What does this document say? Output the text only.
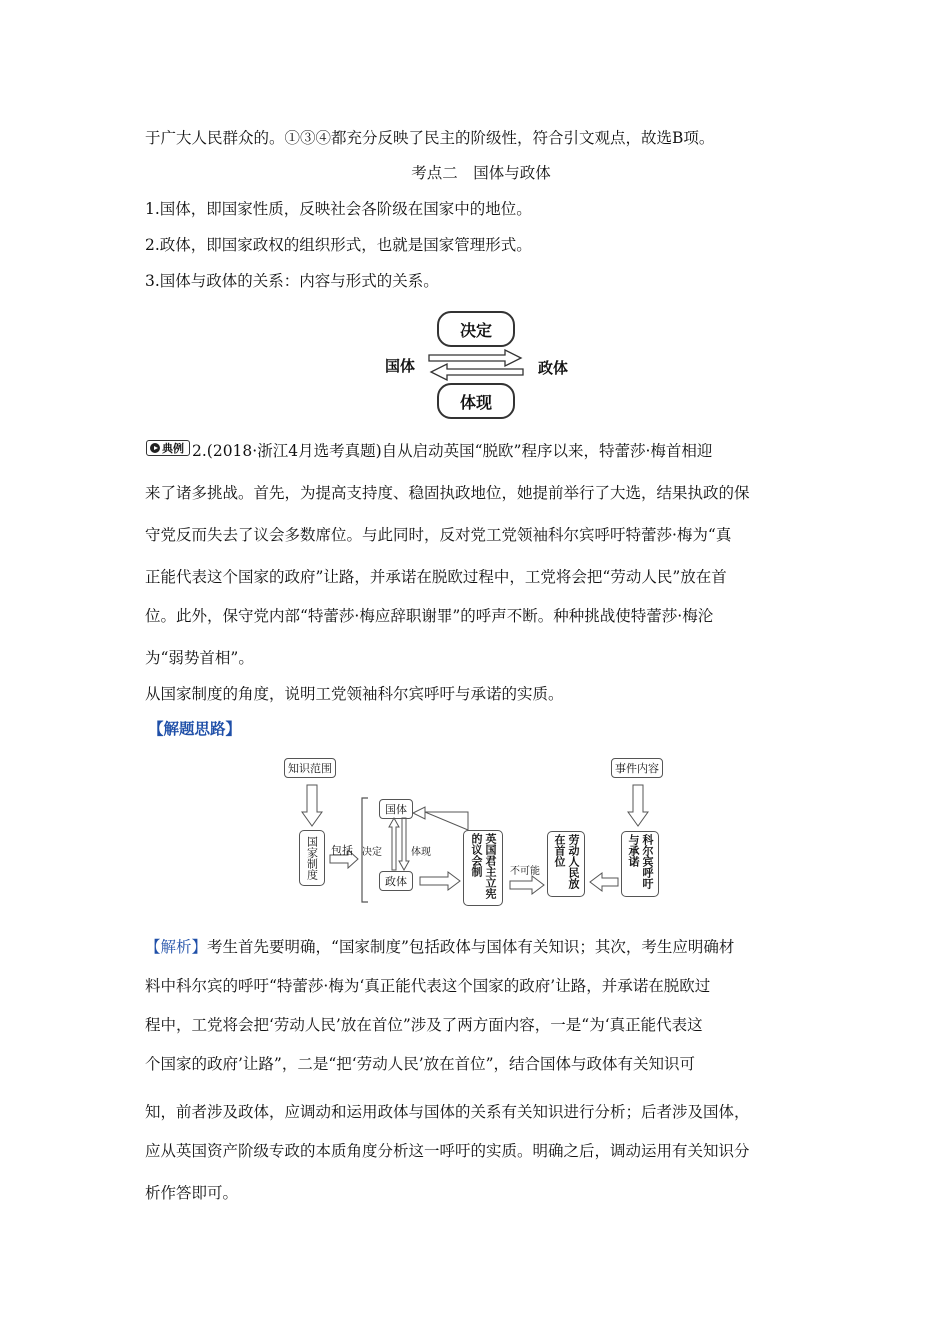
于广大人民群众的。①③④都充分反映了民主的阶级性，符合引文观点，故选B项。
考点二　国体与政体
1.国体，即国家性质，反映社会各阶级在国家中的地位。
2.政体，即国家政权的组织形式，也就是国家管理形式。
3.国体与政体的关系：内容与形式的关系。
决定
体现
国体	政体
典例 2.(2018·浙江4月选考真题)自从启动英国“脱欧”程序以来，特蕾莎·梅首相迎
来了诸多挑战。首先，为提高支持度、稳固执政地位，她提前举行了大选，结果执政的保
守党反而失去了议会多数席位。与此同时，反对党工党领袖科尔宾呼吁特蕾莎·梅为“真
正能代表这个国家的政府”让路，并承诺在脱欧过程中，工党将会把“劳动人民”放在首
位。此外，保守党内部“特蕾莎·梅应辞职谢罪”的呼声不断。种种挑战使特蕾莎·梅沦
为“弱势首相”。
从国家制度的角度，说明工党领袖科尔宾呼吁与承诺的实质。
【解题思路】
知识范围	事件内容
国家制度 包括
国体
政体
决定	体现	英国君主立宪的议会制	不可能	劳动人民放在首位	科尔宾呼吁与承诺
【解析】考生首先要明确，“国家制度”包括政体与国体有关知识；其次，考生应明确材
料中科尔宾的呼吁“特蕾莎·梅为‘真正能代表这个国家的政府’让路，并承诺在脱欧过
程中，工党将会把‘劳动人民’放在首位”涉及了两方面内容，一是“为‘真正能代表这
个国家的政府’让路”，二是“把‘劳动人民’放在首位”，结合国体与政体有关知识可
知，前者涉及政体，应调动和运用政体与国体的关系有关知识进行分析；后者涉及国体，
应从英国资产阶级专政的本质角度分析这一呼吁的实质。明确之后，调动运用有关知识分
析作答即可。
